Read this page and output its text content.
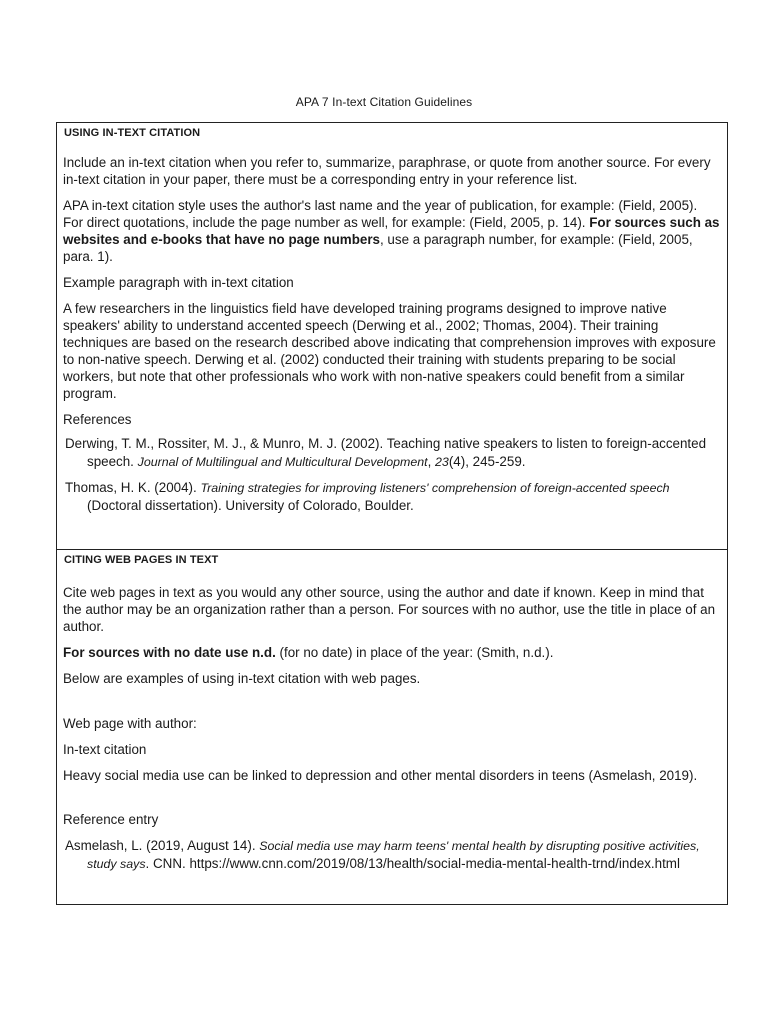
APA 7 In-text Citation Guidelines
USING IN-TEXT CITATION

Include an in-text citation when you refer to, summarize, paraphrase, or quote from another source. For every in-text citation in your paper, there must be a corresponding entry in your reference list.

APA in-text citation style uses the author's last name and the year of publication, for example: (Field, 2005). For direct quotations, include the page number as well, for example: (Field, 2005, p. 14). For sources such as websites and e-books that have no page numbers, use a paragraph number, for example: (Field, 2005, para. 1).

Example paragraph with in-text citation

A few researchers in the linguistics field have developed training programs designed to improve native speakers' ability to understand accented speech (Derwing et al., 2002; Thomas, 2004). Their training techniques are based on the research described above indicating that comprehension improves with exposure to non-native speech. Derwing et al. (2002) conducted their training with students preparing to be social workers, but note that other professionals who work with non-native speakers could benefit from a similar program.

References

Derwing, T. M., Rossiter, M. J., & Munro, M. J. (2002). Teaching native speakers to listen to foreign-accented speech. Journal of Multilingual and Multicultural Development, 23(4), 245-259.
Thomas, H. K. (2004). Training strategies for improving listeners' comprehension of foreign-accented speech (Doctoral dissertation). University of Colorado, Boulder.
CITING WEB PAGES IN TEXT

Cite web pages in text as you would any other source, using the author and date if known. Keep in mind that the author may be an organization rather than a person. For sources with no author, use the title in place of an author.

For sources with no date use n.d. (for no date) in place of the year: (Smith, n.d.).

Below are examples of using in-text citation with web pages.

Web page with author:

In-text citation

Heavy social media use can be linked to depression and other mental disorders in teens (Asmelash, 2019).

Reference entry

Asmelash, L. (2019, August 14). Social media use may harm teens' mental health by disrupting positive activities, study says. CNN. https://www.cnn.com/2019/08/13/health/social-media-mental-health-trnd/index.html
